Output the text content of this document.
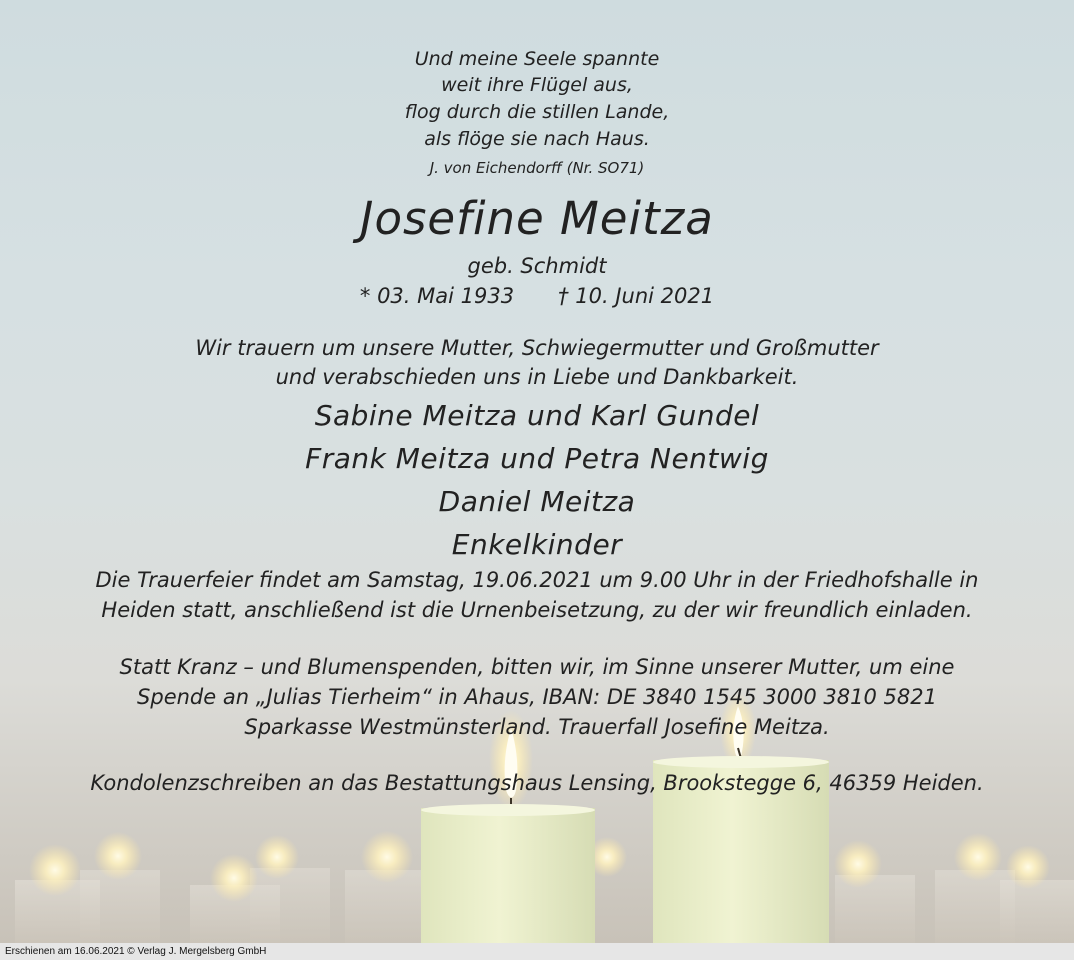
Und meine Seele spannte
weit ihre Flügel aus,
flog durch die stillen Lande,
als flöge sie nach Haus.
J. von Eichendorff (Nr. SO71)
Josefine Meitza
geb. Schmidt
* 03. Mai 1933 † 10. Juni 2021
Wir trauern um unsere Mutter, Schwiegermutter und Großmutter
und verabschieden uns in Liebe und Dankbarkeit.
Sabine Meitza und Karl Gundel
Frank Meitza und Petra Nentwig
Daniel Meitza
Enkelkinder
Die Trauerfeier findet am Samstag, 19.06.2021 um 9.00 Uhr in der Friedhofshalle in
Heiden statt, anschließend ist die Urnenbeisetzung, zu der wir freundlich einladen.
Statt Kranz – und Blumenspenden, bitten wir, im Sinne unserer Mutter, um eine
Spende an „Julias Tierheim“ in Ahaus, IBAN: DE 3840 1545 3000 3810 5821
Sparkasse Westmünsterland. Trauerfall Josefine Meitza.
Kondolenzschreiben an das Bestattungshaus Lensing, Brookstegge 6, 46359 Heiden.
Erschienen am 16.06.2021 © Verlag J. Mergelsberg GmbH
